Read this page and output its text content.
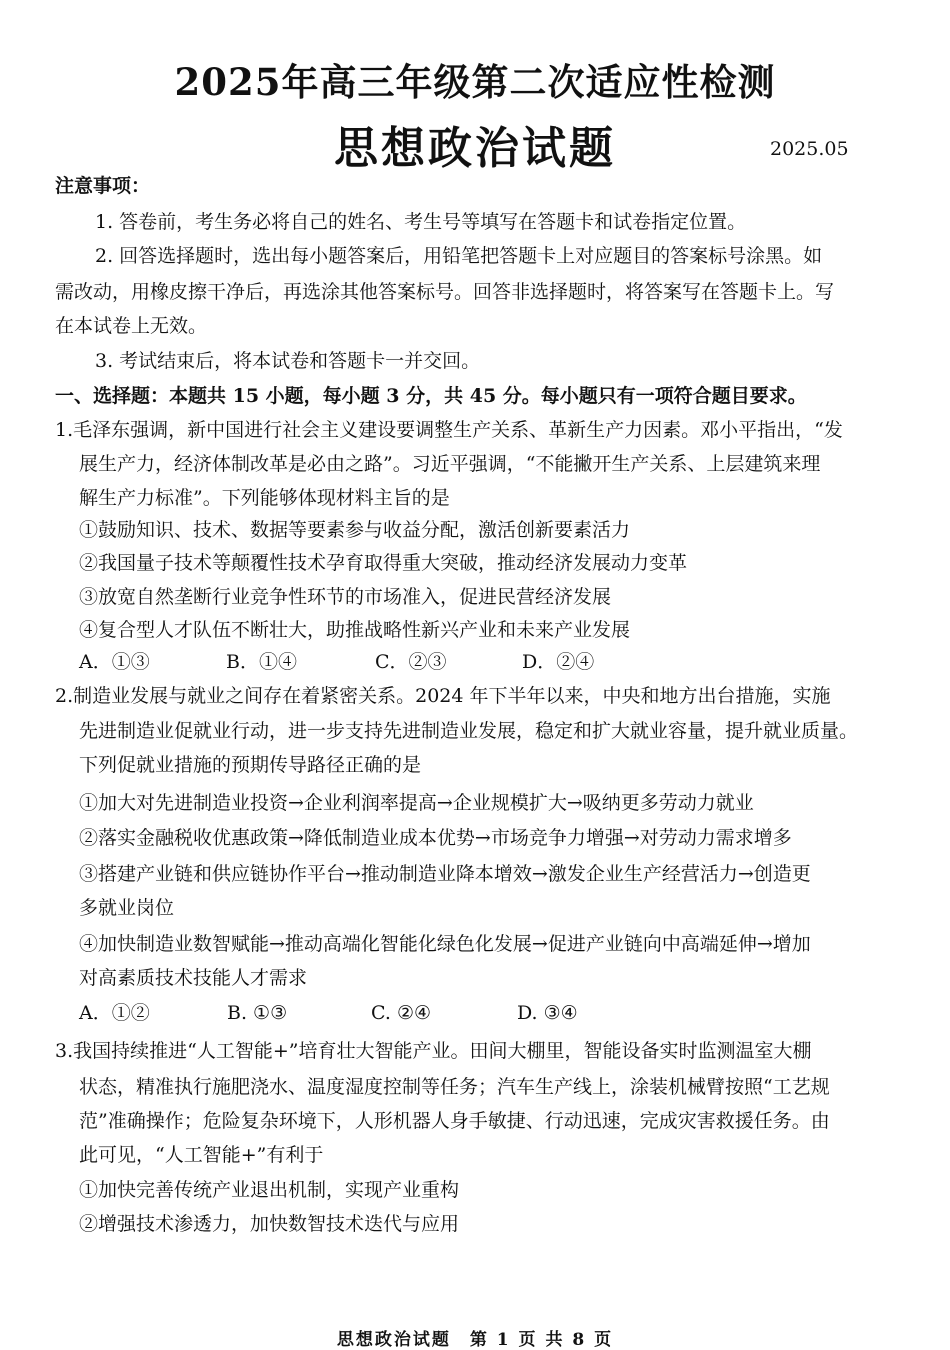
2025年高三年级第二次适应性检测
思想政治试题	2025.05
注意事项：
1. 答卷前，考生务必将自己的姓名、考生号等填写在答题卡和试卷指定位置。
2. 回答选择题时，选出每小题答案后，用铅笔把答题卡上对应题目的答案标号涂黑。如
需改动，用橡皮擦干净后，再选涂其他答案标号。回答非选择题时，将答案写在答题卡上。写
在本试卷上无效。
3. 考试结束后，将本试卷和答题卡一并交回。
一、选择题：本题共 15 小题，每小题 3 分，共 45 分。每小题只有一项符合题目要求。
1.毛泽东强调，新中国进行社会主义建设要调整生产关系、革新生产力因素。邓小平指出，“发
展生产力，经济体制改革是必由之路”。习近平强调，“不能撇开生产关系、上层建筑来理
解生产力标准”。下列能够体现材料主旨的是
①鼓励知识、技术、数据等要素参与收益分配，激活创新要素活力
②我国量子技术等颠覆性技术孕育取得重大突破，推动经济发展动力变革
③放宽自然垄断行业竞争性环节的市场准入，促进民营经济发展
④复合型人才队伍不断壮大，助推战略性新兴产业和未来产业发展
A．①③	B．①④	C．②③	D．②④
2.制造业发展与就业之间存在着紧密关系。2024 年下半年以来，中央和地方出台措施，实施
先进制造业促就业行动，进一步支持先进制造业发展，稳定和扩大就业容量，提升就业质量。
下列促就业措施的预期传导路径正确的是
①加大对先进制造业投资→企业利润率提高→企业规模扩大→吸纳更多劳动力就业
②落实金融税收优惠政策→降低制造业成本优势→市场竞争力增强→对劳动力需求增多
③搭建产业链和供应链协作平台→推动制造业降本增效→激发企业生产经营活力→创造更
多就业岗位
④加快制造业数智赋能→推动高端化智能化绿色化发展→促进产业链向中高端延伸→增加
对高素质技术技能人才需求
A．①②	B. ①③	C. ②④	D. ③④
3.我国持续推进“人工智能+”培育壮大智能产业。田间大棚里，智能设备实时监测温室大棚
状态，精准执行施肥浇水、温度湿度控制等任务；汽车生产线上，涂装机械臂按照“工艺规
范”准确操作；危险复杂环境下，人形机器人身手敏捷、行动迅速，完成灾害救援任务。由
此可见，“人工智能+”有利于
①加快完善传统产业退出机制，实现产业重构
②增强技术渗透力，加快数智技术迭代与应用
思想政治试题　第 1 页 共 8 页
